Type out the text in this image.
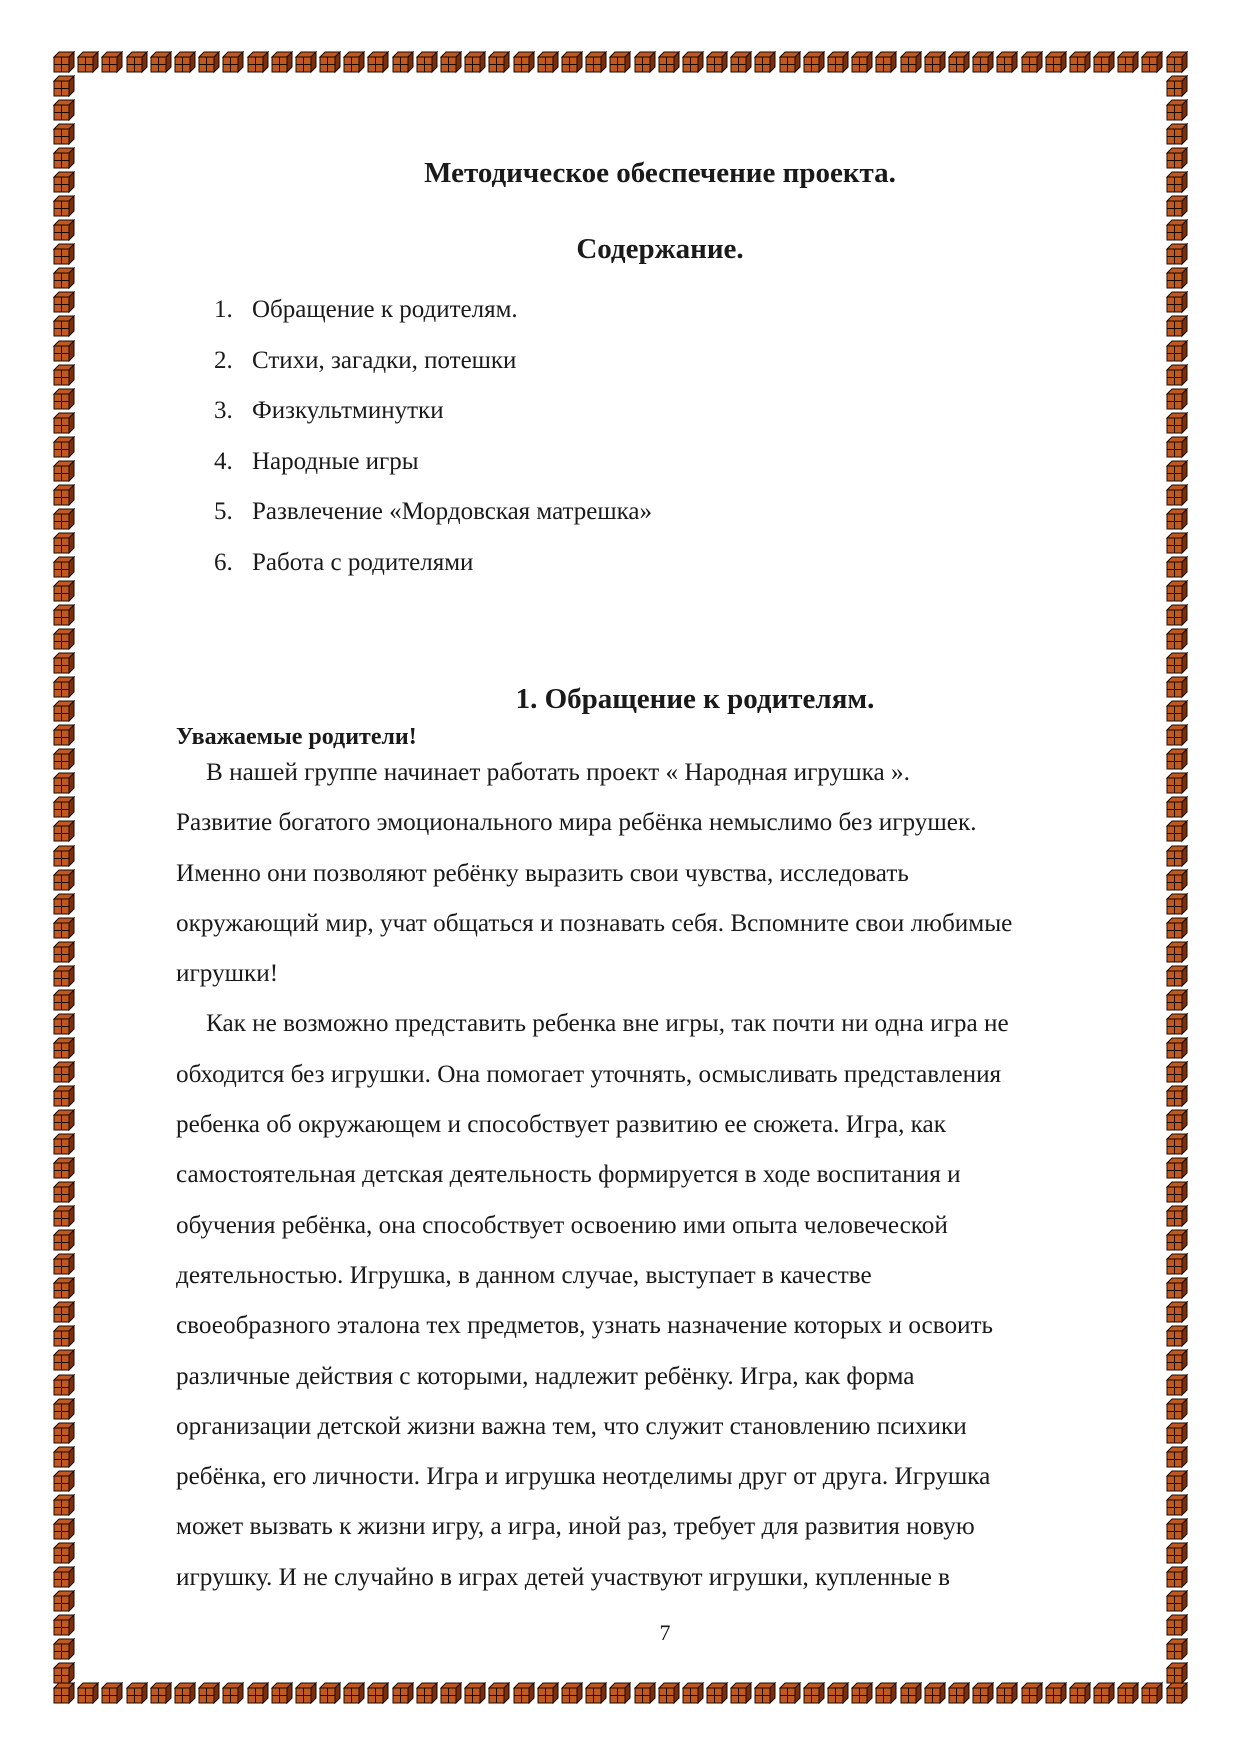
Методическое обеспечение проекта.
Содержание.
1. Обращение к родителям.
2. Стихи, загадки, потешки
3. Физкультминутки
4. Народные игры
5. Развлечение «Мордовская матрешка»
6. Работа с родителями
1. Обращение к родителям.

Уважаемые родители!

В нашей группе начинает работать проект « Народная игрушка ».
Развитие богатого эмоционального мира ребёнка немыслимо без игрушек.
Именно они позволяют ребёнку выразить свои чувства, исследовать
окружающий мир, учат общаться и познавать себя. Вспомните свои любимые
игрушки!
Как не возможно представить ребенка вне игры, так почти ни одна игра не
обходится без игрушки. Она помогает уточнять, осмысливать представления
ребенка об окружающем и способствует развитию ее сюжета. Игра, как
самостоятельная детская деятельность формируется в ходе воспитания и
обучения ребёнка, она способствует освоению ими опыта человеческой
деятельностью. Игрушка, в данном случае, выступает в качестве
своеобразного эталона тех предметов, узнать назначение которых и освоить
различные действия с которыми, надлежит ребёнку. Игра, как форма
организации детской жизни важна тем, что служит становлению психики
ребёнка, его личности. Игра и игрушка неотделимы друг от друга. Игрушка
может вызвать к жизни игру, а игра, иной раз, требует для развития новую
игрушку. И не случайно в играх детей участвуют игрушки, купленные в

7
